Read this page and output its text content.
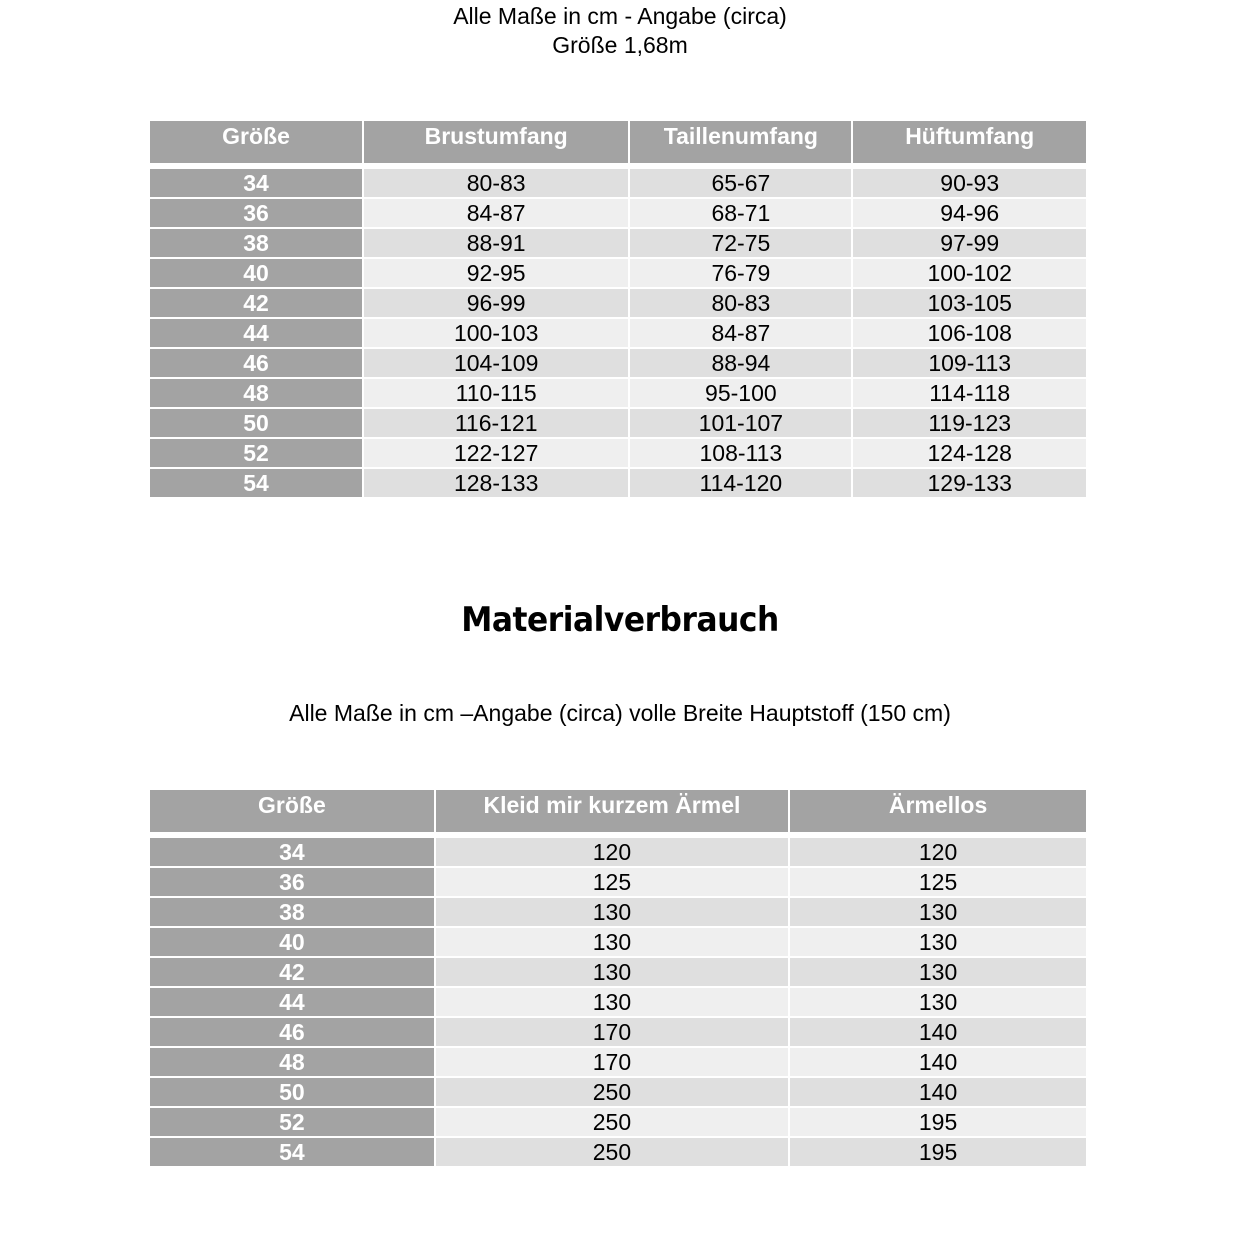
Alle Maße in cm - Angabe (circa)
Größe 1,68m
Größe	Brustumfang	Taillenumfang	Hüftumfang
34	80-83	65-67	90-93
36	84-87	68-71	94-96
38	88-91	72-75	97-99
40	92-95	76-79	100-102
42	96-99	80-83	103-105
44	100-103	84-87	106-108
46	104-109	88-94	109-113
48	110-115	95-100	114-118
50	116-121	101-107	119-123
52	122-127	108-113	124-128
54	128-133	114-120	129-133
Materialverbrauch
Alle Maße in cm –Angabe (circa) volle Breite Hauptstoff (150 cm)
Größe	Kleid mir kurzem Ärmel	Ärmellos
34	120	120
36	125	125
38	130	130
40	130	130
42	130	130
44	130	130
46	170	140
48	170	140
50	250	140
52	250	195
54	250	195
